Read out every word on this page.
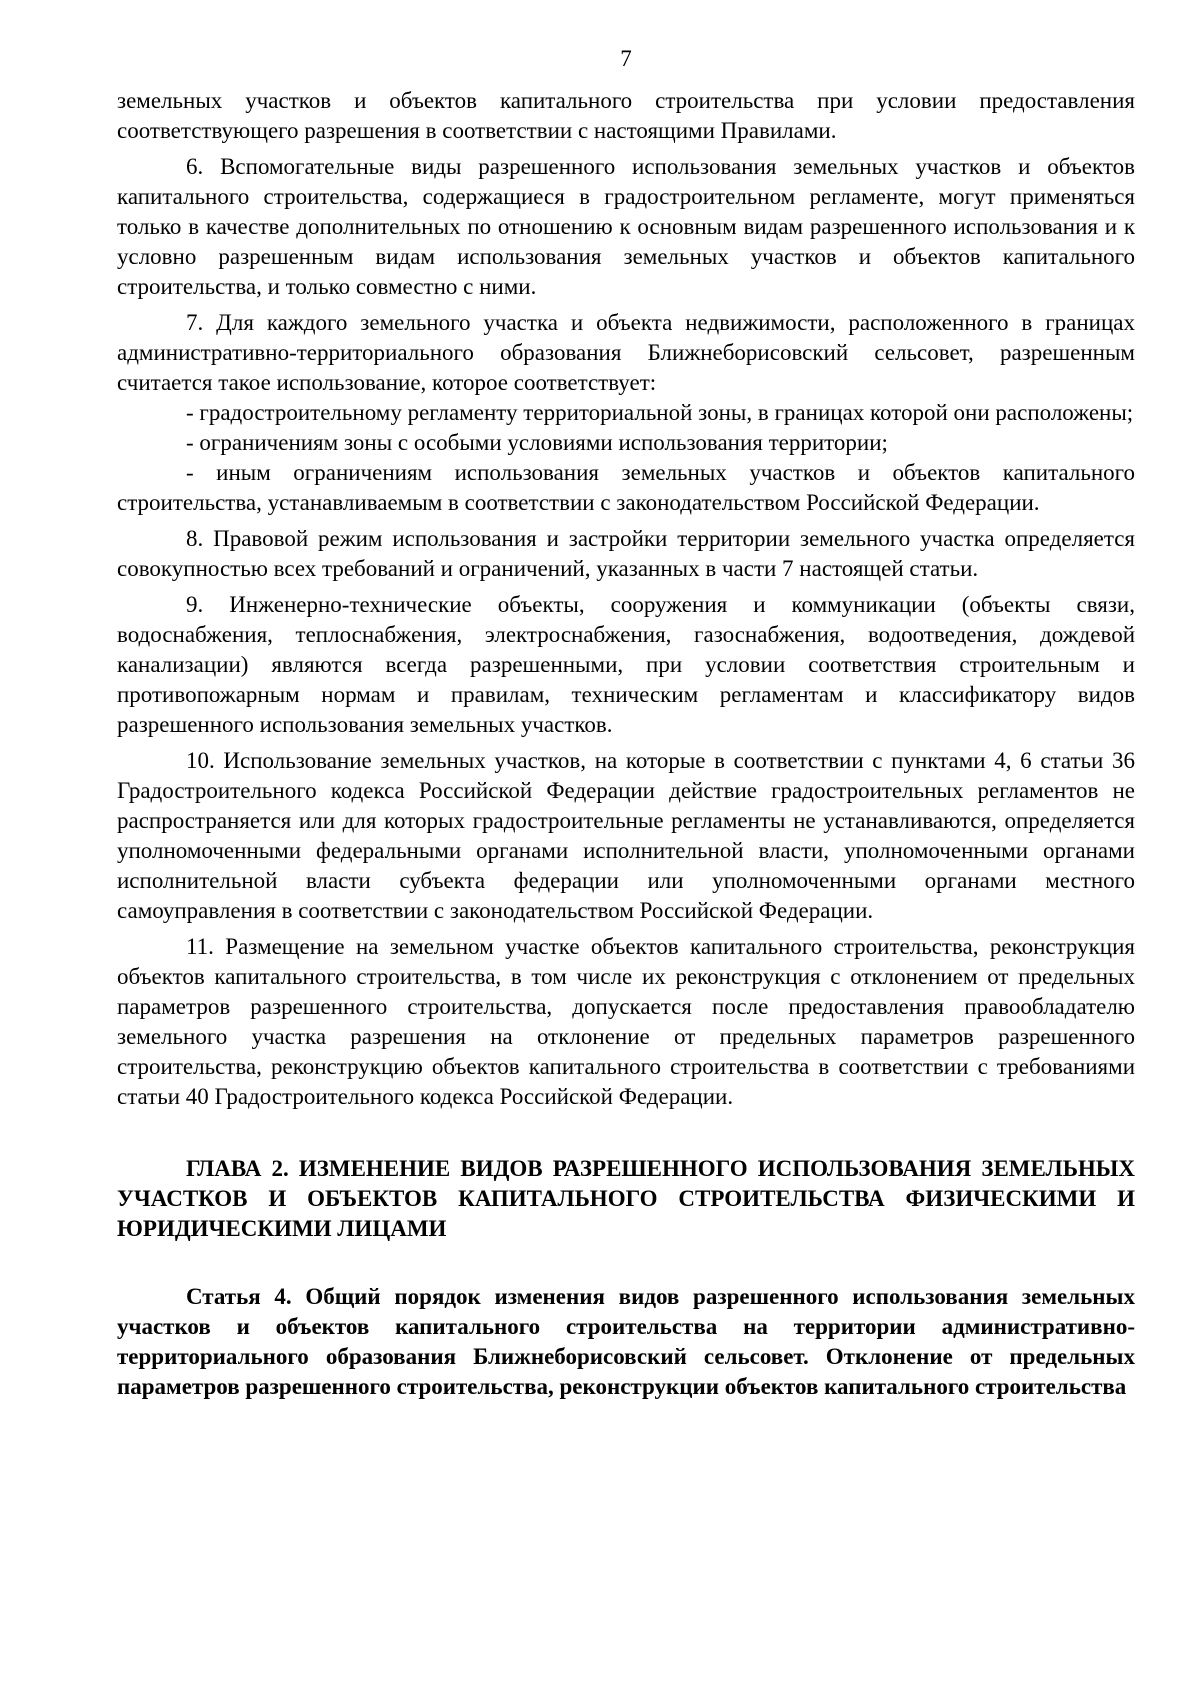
7

земельных участков и объектов капитального строительства при условии предоставления соответствующего разрешения в соответствии с настоящими Правилами.

6. Вспомогательные виды разрешенного использования земельных участков и объектов капитального строительства, содержащиеся в градостроительном регламенте, могут применяться только в качестве дополнительных по отношению к основным видам разрешенного использования и к условно разрешенным видам использования земельных участков и объектов капитального строительства, и только совместно с ними.

7. Для каждого земельного участка и объекта недвижимости, расположенного в границах административно-территориального образования Ближнеборисовский сельсовет, разрешенным считается такое использование, которое соответствует:

- градостроительному регламенту территориальной зоны, в границах которой они расположены;

- ограничениям зоны с особыми условиями использования территории;

- иным ограничениям использования земельных участков и объектов капитального строительства, устанавливаемым в соответствии с законодательством Российской Федерации.

8. Правовой режим использования и застройки территории земельного участка определяется совокупностью всех требований и ограничений, указанных в части 7 настоящей статьи.

9. Инженерно-технические объекты, сооружения и коммуникации (объекты связи, водоснабжения, теплоснабжения, электроснабжения, газоснабжения, водоотведения, дождевой канализации) являются всегда разрешенными, при условии соответствия строительным и противопожарным нормам и правилам, техническим регламентам и классификатору видов разрешенного использования земельных участков.

10. Использование земельных участков, на которые в соответствии с пунктами 4, 6 статьи 36 Градостроительного кодекса Российской Федерации действие градостроительных регламентов не распространяется или для которых градостроительные регламенты не устанавливаются, определяется уполномоченными федеральными органами исполнительной власти, уполномоченными органами исполнительной власти субъекта федерации или уполномоченными органами местного самоуправления в соответствии с законодательством Российской Федерации.

11. Размещение на земельном участке объектов капитального строительства, реконструкция объектов капитального строительства, в том числе их реконструкция с отклонением от предельных параметров разрешенного строительства, допускается после предоставления правообладателю земельного участка разрешения на отклонение от предельных параметров разрешенного строительства, реконструкцию объектов капитального строительства в соответствии с требованиями статьи 40 Градостроительного кодекса Российской Федерации.

ГЛАВА 2. ИЗМЕНЕНИЕ ВИДОВ РАЗРЕШЕННОГО ИСПОЛЬЗОВАНИЯ ЗЕМЕЛЬНЫХ УЧАСТКОВ И ОБЪЕКТОВ КАПИТАЛЬНОГО СТРОИТЕЛЬСТВА ФИЗИЧЕСКИМИ И ЮРИДИЧЕСКИМИ ЛИЦАМИ
Статья 4. Общий порядок изменения видов разрешенного использования земельных участков и объектов капитального строительства на территории административно-территориального образования Ближнеборисовский сельсовет. Отклонение от предельных параметров разрешенного строительства, реконструкции объектов капитального строительства
